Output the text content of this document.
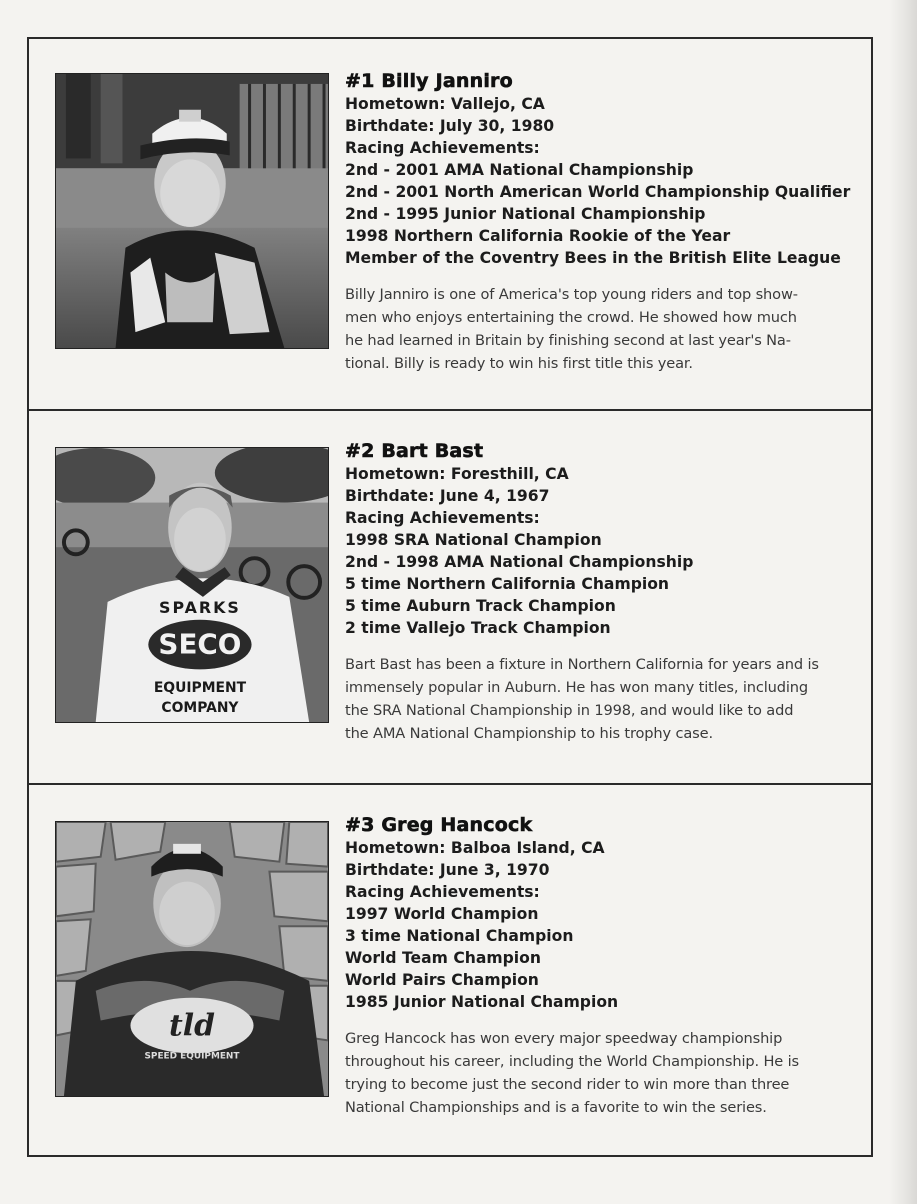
#1 Billy Janniro
Hometown: Vallejo, CA
Birthdate: July 30, 1980
Racing Achievements:
2nd - 2001 AMA National Championship
2nd - 2001 North American World Championship Qualifier
2nd - 1995 Junior National Championship
1998 Northern California Rookie of the Year
Member of the Coventry Bees in the British Elite League
Billy Janniro is one of America's top young riders and top show-
men who enjoys entertaining the crowd. He showed how much
he had learned in Britain by finishing second at last year's Na-
tional. Billy is ready to win his first title this year.
SECO
SPARKS
EQUIPMENT
COMPANY
#2 Bart Bast
Hometown: Foresthill, CA
Birthdate: June 4, 1967
Racing Achievements:
1998 SRA National Champion
2nd - 1998 AMA National Championship
5 time Northern California Champion
5 time Auburn Track Champion
2 time Vallejo Track Champion
Bart Bast has been a fixture in Northern California for years and is
immensely popular in Auburn. He has won many titles, including
the SRA National Championship in 1998, and would like to add
the AMA National Championship to his trophy case.
tld
SPEED EQUIPMENT
#3 Greg Hancock
Hometown: Balboa Island, CA
Birthdate: June 3, 1970
Racing Achievements:
1997 World Champion
3 time National Champion
World Team Champion
World Pairs Champion
1985 Junior National Champion
Greg Hancock has won every major speedway championship
throughout his career, including the World Championship. He is
trying to become just the second rider to win more than three
National Championships and is a favorite to win the series.
